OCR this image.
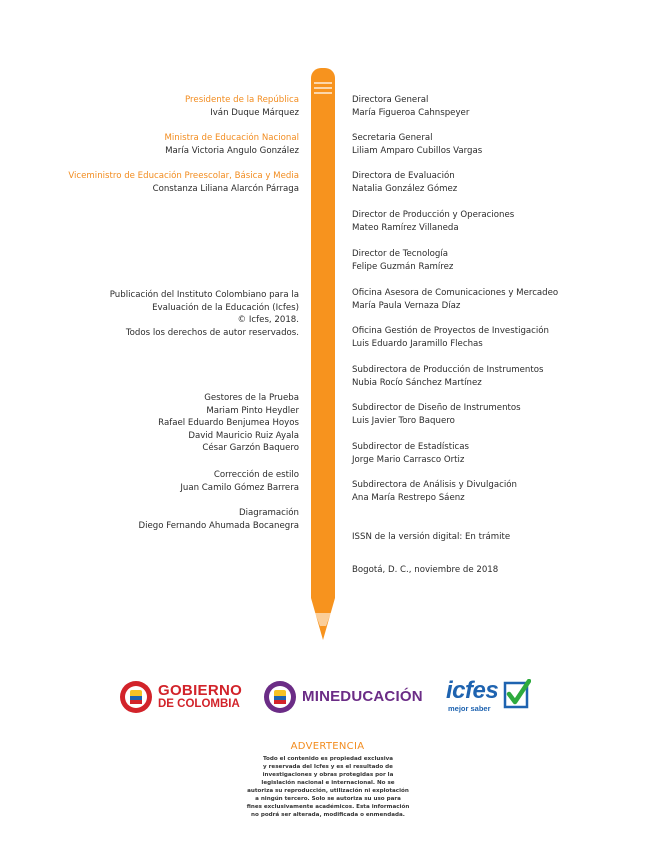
Presidente de la República
Iván Duque Márquez
Ministra de Educación Nacional
María Victoria Angulo González
Viceministro de Educación Preescolar, Básica y Media
Constanza Liliana Alarcón Párraga
Publicación del Instituto Colombiano para la
Evaluación de la Educación (Icfes)
© Icfes, 2018.
Todos los derechos de autor reservados.
Gestores de la Prueba
Mariam Pinto Heydler
Rafael Eduardo Benjumea Hoyos
David Mauricio Ruiz Ayala
César Garzón Baquero
Corrección de estilo
Juan Camilo Gómez Barrera
Diagramación
Diego Fernando Ahumada Bocanegra
Directora General
María Figueroa Cahnspeyer
Secretaria General
Liliam Amparo Cubillos Vargas
Directora de Evaluación
Natalia González Gómez
Director de Producción y Operaciones
Mateo Ramírez Villaneda
Director de Tecnología
Felipe Guzmán Ramírez
Oficina Asesora de Comunicaciones y Mercadeo
María Paula Vernaza Díaz
Oficina Gestión de Proyectos de Investigación
Luis Eduardo Jaramillo Flechas
Subdirectora de Producción de Instrumentos
Nubia Rocío Sánchez Martínez
Subdirector de Diseño de Instrumentos
Luis Javier Toro Baquero
Subdirector de Estadísticas
Jorge Mario Carrasco Ortiz
Subdirectora de Análisis y Divulgación
Ana María Restrepo Sáenz
ISSN de la versión digital: En trámite
Bogotá, D. C., noviembre de 2018
GOBIERNO
DE COLOMBIA	MINEDUCACIÓN icfes
mejor saber
ADVERTENCIA
Todo el contenido es propiedad exclusiva
y reservada del Icfes y es el resultado de
investigaciones y obras protegidas por la
legislación nacional e internacional. No se
autoriza su reproducción, utilización ni explotación
a ningún tercero. Solo se autoriza su uso para
fines exclusivamente académicos. Esta información
no podrá ser alterada, modificada o enmendada.
